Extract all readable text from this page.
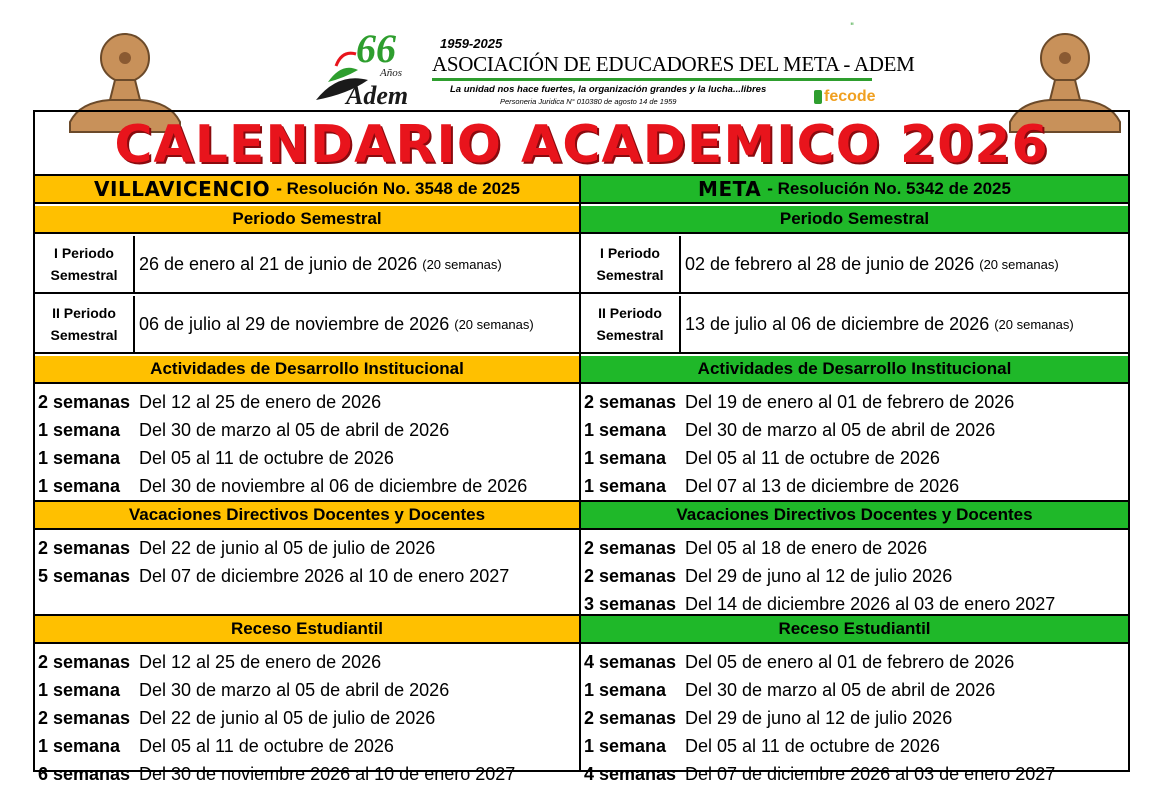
66
Años
Adem
1959-2025
ASOCIACIÓN DE EDUCADORES DEL META - ADEM
La unidad nos hace fuertes, la organización grandes y la lucha...libres
Personeria Juridica N° 010380 de agosto 14 de 1959	fecode
"
CALENDARIO ACADEMICO 2026
VILLAVICENCIO - Resolución No. 3548 de 2025
Periodo Semestral
I Periodo
Semestral
26 de enero al 21 de junio de 2026 (20 semanas)
II Periodo
Semestral
06 de julio al 29 de noviembre de 2026 (20 semanas)
Actividades de Desarrollo Institucional
2 semanas Del 12 al 25 de enero de 2026
1 semana	Del 30 de marzo al 05 de abril de 2026
1 semana	Del 05 al 11 de octubre de 2026
1 semana	Del 30 de noviembre al 06 de diciembre de 2026
Vacaciones Directivos Docentes y Docentes
2 semanas Del 22 de junio al 05 de julio de 2026
5 semanas Del 07 de diciembre 2026 al 10 de enero 2027
Receso Estudiantil
2 semanas Del 12 al 25 de enero de 2026
1 semana	Del 30 de marzo al 05 de abril de 2026
2 semanas Del 22 de junio al 05 de julio de 2026
1 semana	Del 05 al 11 de octubre de 2026
6 semanas Del 30 de noviembre 2026 al 10 de enero 2027
META - Resolución No. 5342 de 2025
Periodo Semestral
I Periodo
Semestral
02 de febrero al 28 de junio de 2026 (20 semanas)
II Periodo
Semestral
13 de julio al 06 de diciembre de 2026 (20 semanas)
Actividades de Desarrollo Institucional
2 semanas Del 19 de enero al 01 de febrero de 2026
1 semana	Del 30 de marzo al 05 de abril de 2026
1 semana	Del 05 al 11 de octubre de 2026
1 semana	Del 07 al 13 de diciembre de 2026
Vacaciones Directivos Docentes y Docentes
2 semanas Del 05 al 18 de enero de 2026
2 semanas Del 29 de juno al 12 de julio 2026
3 semanas Del 14 de diciembre 2026 al 03 de enero 2027
Receso Estudiantil
4 semanas Del 05 de enero al 01 de febrero de 2026
1 semana	Del 30 de marzo al 05 de abril de 2026
2 semanas Del 29 de juno al 12 de julio 2026
1 semana	Del 05 al 11 de octubre de 2026
4 semanas Del 07 de diciembre 2026 al 03 de enero 2027
